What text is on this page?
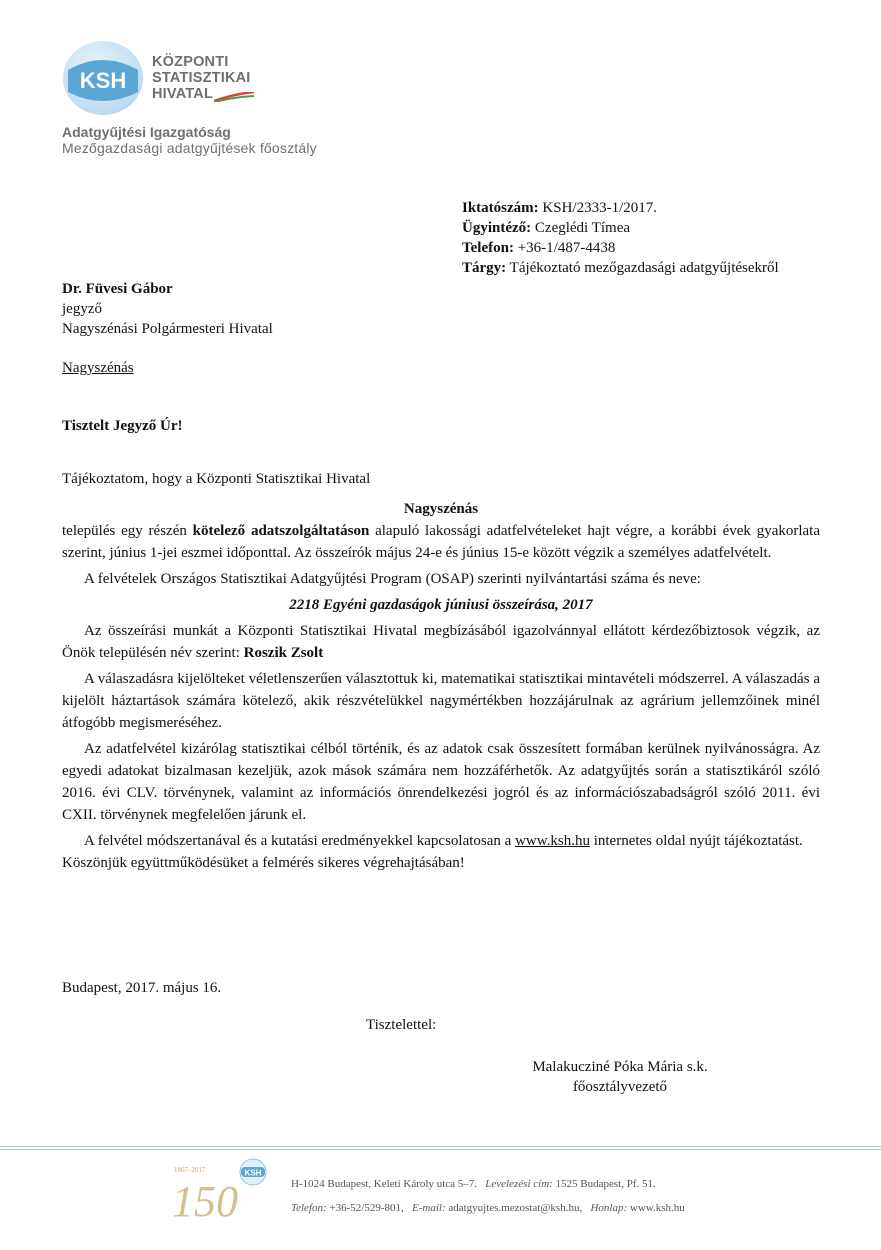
KSH
KÖZPONTI
STATISZTIKAI
HIVATAL
Adatgyűjtési Igazgatóság
Mezőgazdasági adatgyűjtések főosztály
Iktatószám: KSH/2333-1/2017.
Ügyintéző: Czeglédi Tímea
Telefon: +36-1/487-4438
Tárgy: Tájékoztató mezőgazdasági adatgyűjtésekről
Dr. Füvesi Gábor
jegyző
Nagyszénási Polgármesteri Hivatal
Nagyszénás
Tisztelt Jegyző Úr!

Tájékoztatom, hogy a Központi Statisztikai Hivatal

Nagyszénás

település egy részén kötelező adatszolgáltatáson alapuló lakossági adatfelvételeket hajt végre, a korábbi évek gyakorlata szerint, június 1-jei eszmei időponttal. Az összeírók május 24-e és június 15-e között végzik a személyes adatfelvételt.

A felvételek Országos Statisztikai Adatgyűjtési Program (OSAP) szerinti nyilvántartási száma és neve:

2218 Egyéni gazdaságok júniusi összeírása, 2017

Az összeírási munkát a Központi Statisztikai Hivatal megbízásából igazolvánnyal ellátott kérdezőbiztosok végzik, az Önök településén név szerint: Roszik Zsolt

A válaszadásra kijelölteket véletlenszerűen választottuk ki, matematikai statisztikai mintavételi módszerrel. A válaszadás a kijelölt háztartások számára kötelező, akik részvételükkel nagymértékben hozzájárulnak az agrárium jellemzőinek minél átfogóbb megismeréséhez.

Az adatfelvétel kizárólag statisztikai célból történik, és az adatok csak összesített formában kerülnek nyilvánosságra. Az egyedi adatokat bizalmasan kezeljük, azok mások számára nem hozzáférhetők. Az adatgyűjtés során a statisztikáról szóló 2016. évi CLV. törvénynek, valamint az információs önrendelkezési jogról és az információszabadságról szóló 2011. évi CXII. törvénynek megfelelően járunk el.

A felvétel módszertanával és a kutatási eredményekkel kapcsolatosan a www.ksh.hu internetes oldal nyújt tájékoztatást.

Köszönjük együttműködésüket a felmérés sikeres végrehajtásában!

Budapest, 2017. május 16.
Tisztelettel:
Malakucziné Póka Mária s.k.
főosztályvezető
1867–2017
150
KSH
H-1024 Budapest, Keleti Károly utca 5–7. Levelezési cím: 1525 Budapest, Pf. 51.
Telefon: +36-52/529-801, E-mail: adatgyujtes.mezostat@ksh.hu, Honlap: www.ksh.hu
